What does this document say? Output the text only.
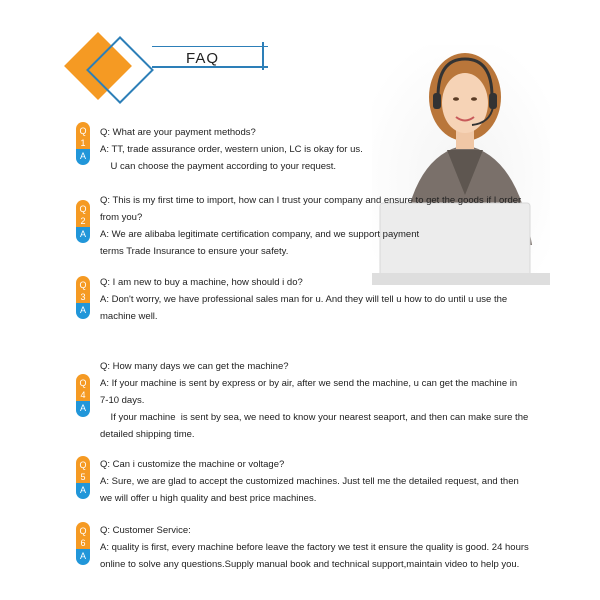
FAQ
Q
1
A
Q: What are your payment methods?
A: TT, trade assurance order, western union, LC is okay for us.
U can choose the payment according to your request.
Q
2
A
Q: This is my first time to import, how can I trust your company and ensure to get the goods if I order
from you?
A: We are alibaba legitimate certification company, and we support payment
terms Trade Insurance to ensure your safety.
Q
3
A
Q: I am new to buy a machine, how should i do?
A: Don't worry, we have professional sales man for u. And they will tell u how to do until u use the
machine well.
Q
4
A
Q: How many days we can get the machine?
A: If your machine is sent by express or by air, after we send the machine, u can get the machine in
7-10 days.
If your machine  is sent by sea, we need to know your nearest seaport, and then can make sure the
detailed shipping time.
Q
5
A
Q: Can i customize the machine or voltage?
A: Sure, we are glad to accept the customized machines. Just tell me the detailed request, and then
we will offer u high quality and best price machines.
Q
6
A
Q: Customer Service:
A: quality is first, every machine before leave the factory we test it ensure the quality is good. 24 hours
online to solve any questions.Supply manual book and technical support,maintain video to help you.
